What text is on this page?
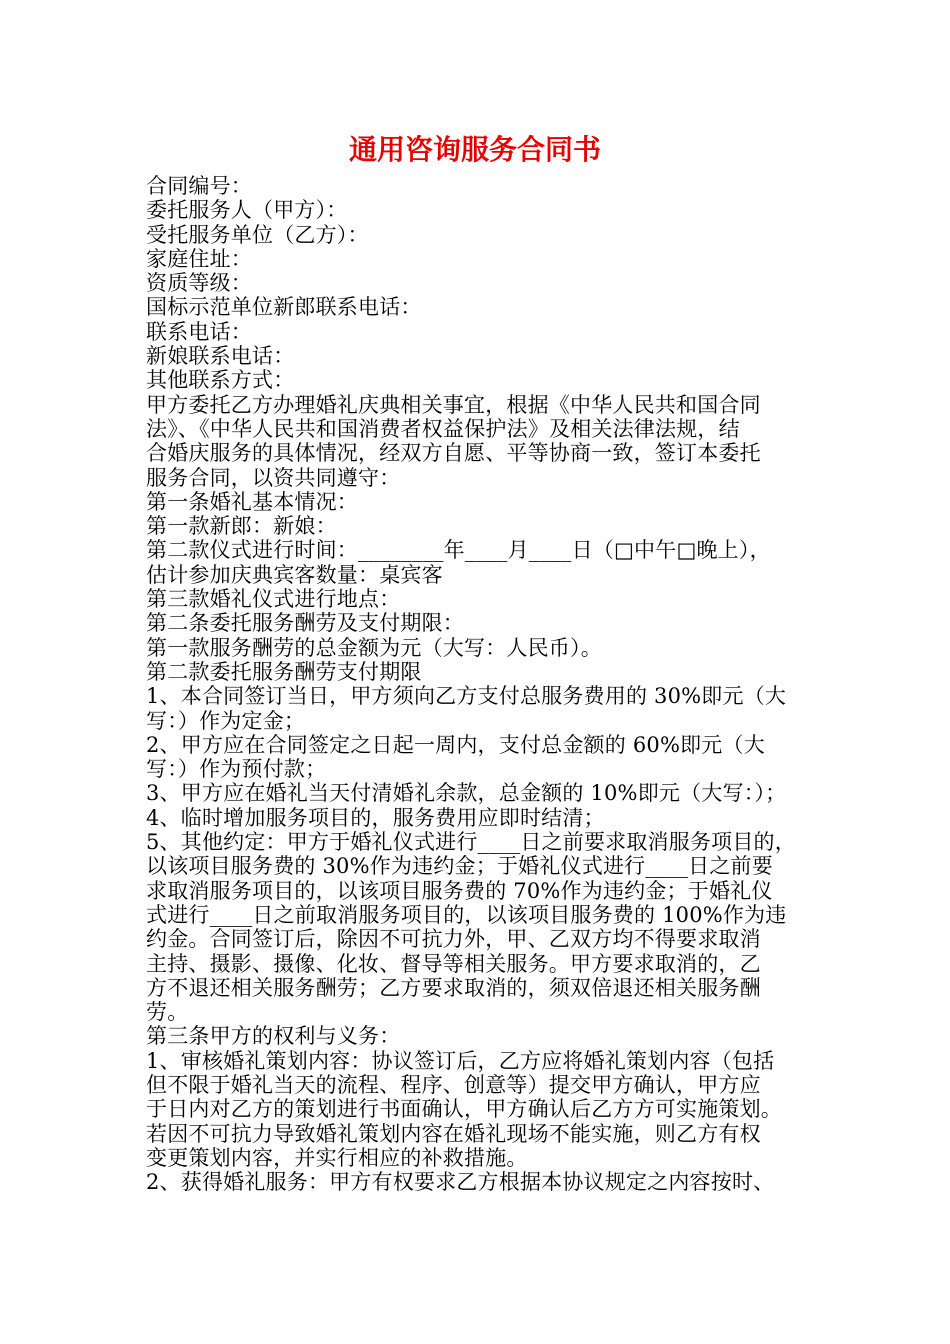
通用咨询服务合同书
合同编号：
委托服务人（甲方）：
受托服务单位（乙方）：
家庭住址：
资质等级：
国标示范单位新郎联系电话：
联系电话：
新娘联系电话：
其他联系方式：
甲方委托乙方办理婚礼庆典相关事宜，根据《中华人民共和国合同
法》、《中华人民共和国消费者权益保护法》及相关法律法规，结
合婚庆服务的具体情况，经双方自愿、平等协商一致，签订本委托
服务合同，以资共同遵守：
第一条婚礼基本情况：
第一款新郎：新娘：
第二款仪式进行时间：________年____月____日（□中午□晚上），
估计参加庆典宾客数量：桌宾客
第三款婚礼仪式进行地点：
第二条委托服务酬劳及支付期限：
第一款服务酬劳的总金额为元（大写：人民币）。
第二款委托服务酬劳支付期限
1、本合同签订当日，甲方须向乙方支付总服务费用的 30%即元（大
写：）作为定金；
2、甲方应在合同签定之日起一周内，支付总金额的 60%即元（大
写：）作为预付款；
3、甲方应在婚礼当天付清婚礼余款，总金额的 10%即元（大写：）；
4、临时增加服务项目的，服务费用应即时结清；
5、其他约定：甲方于婚礼仪式进行____日之前要求取消服务项目的，
以该项目服务费的 30%作为违约金；于婚礼仪式进行____日之前要
求取消服务项目的，以该项目服务费的 70%作为违约金；于婚礼仪
式进行____日之前取消服务项目的，以该项目服务费的 100%作为违
约金。合同签订后，除因不可抗力外，甲、乙双方均不得要求取消
主持、摄影、摄像、化妆、督导等相关服务。甲方要求取消的，乙
方不退还相关服务酬劳；乙方要求取消的，须双倍退还相关服务酬
劳。
第三条甲方的权利与义务：
1、审核婚礼策划内容：协议签订后，乙方应将婚礼策划内容（包括
但不限于婚礼当天的流程、程序、创意等）提交甲方确认，甲方应
于日内对乙方的策划进行书面确认，甲方确认后乙方方可实施策划。
若因不可抗力导致婚礼策划内容在婚礼现场不能实施，则乙方有权
变更策划内容，并实行相应的补救措施。
2、获得婚礼服务：甲方有权要求乙方根据本协议规定之内容按时、
